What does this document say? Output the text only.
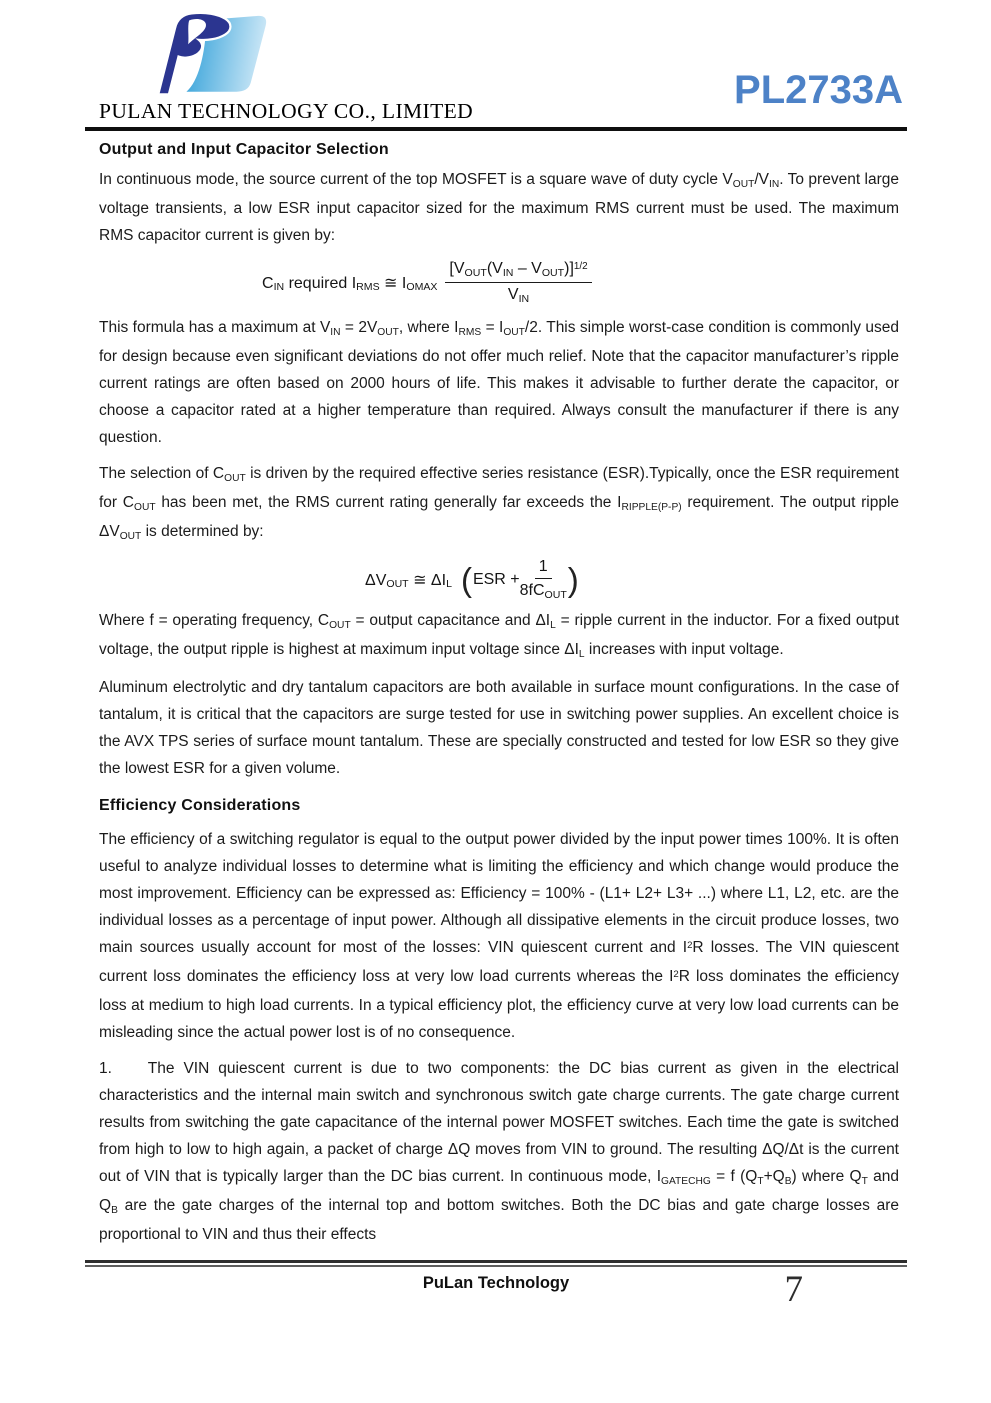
PULAN TECHNOLOGY CO., LIMITED	PL2733A
Output and Input Capacitor Selection

In continuous mode, the source current of the top MOSFET is a square wave of duty cycle VOUT/VIN. To prevent large voltage transients, a low ESR input capacitor sized for the maximum RMS current must be used. The maximum RMS capacitor current is given by:

CIN required IRMS ≅ IOMAX $\frac{[VOUT(VIN - VOUT)]^{1/2}}{\text{VIN}}$

This formula has a maximum at VIN = 2VOUT, where IRMS = IOUT/2. This simple worst-case condition is commonly used for design because even significant deviations do not offer much relief. Note that the capacitor manufacturer’s ripple current ratings are often based on 2000 hours of life. This makes it advisable to further derate the capacitor, or choose a capacitor rated at a higher temperature than required. Always consult the manufacturer if there is any question.

The selection of COUT is driven by the required effective series resistance (ESR).Typically, once the ESR requirement for COUT has been met, the RMS current rating generally far exceeds the IRIPPLE(P-P) requirement. The output ripple ΔVOUT is determined by:

ΔVOUT ≅ ΔIL ( ESR + $\frac{1}{\text{8fCOUT}}$ )

Where f = operating frequency, COUT = output capacitance and ΔIL = ripple current in the inductor. For a fixed output voltage, the output ripple is highest at maximum input voltage since ΔIL increases with input voltage.

Aluminum electrolytic and dry tantalum capacitors are both available in surface mount configurations. In the case of tantalum, it is critical that the capacitors are surge tested for use in switching power supplies. An excellent choice is the AVX TPS series of surface mount tantalum. These are specially constructed and tested for low ESR so they give the lowest ESR for a given volume.

Efficiency Considerations

The efficiency of a switching regulator is equal to the output power divided by the input power times 100%. It is often useful to analyze individual losses to determine what is limiting the efficiency and which change would produce the most improvement. Efficiency can be expressed as: Efficiency = 100% - (L1+ L2+ L3+ ...) where L1, L2, etc. are the individual losses as a percentage of input power. Although all dissipative elements in the circuit produce losses, two main sources usually account for most of the losses: VIN quiescent current and $I^2R$ losses. The VIN quiescent current loss dominates the efficiency loss at very low load currents whereas the $I^2R$ loss dominates the efficiency loss at medium to high load currents. In a typical efficiency plot, the efficiency curve at very low load currents can be misleading since the actual power lost is of no consequence.

1.    The VIN quiescent current is due to two components: the DC bias current as given in the electrical characteristics and the internal main switch and synchronous switch gate charge currents. The gate charge current results from switching the gate capacitance of the internal power MOSFET switches. Each time the gate is switched from high to low to high again, a packet of charge ΔQ moves from VIN to ground. The resulting ΔQ/Δt is the current out of VIN that is typically larger than the DC bias current. In continuous mode, IGATECHG = f (QT+QB) where QT and QB are the gate charges of the internal top and bottom switches. Both the DC bias and gate charge losses are proportional to VIN and thus their effects

PuLan Technology	7
